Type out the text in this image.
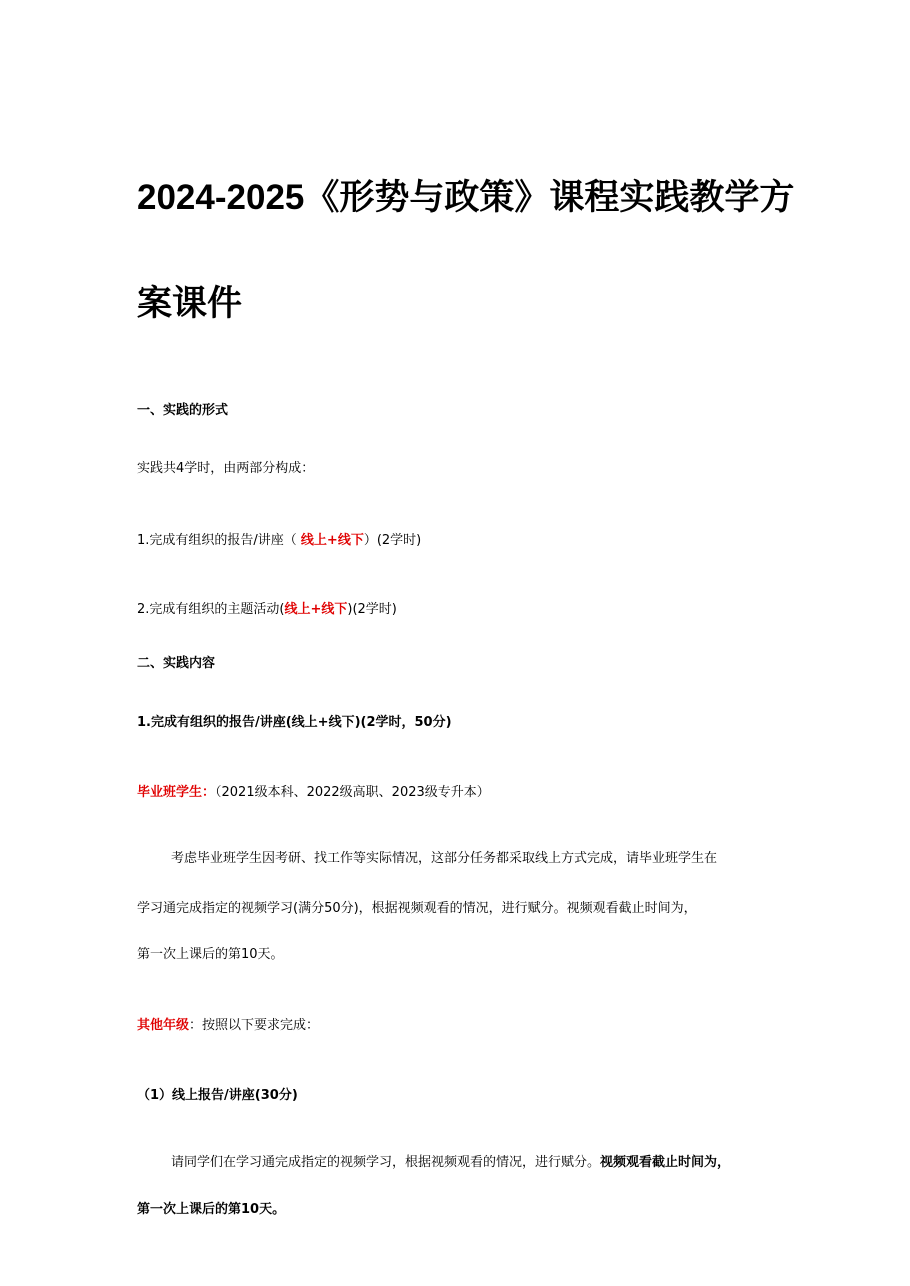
2024-2025《形势与政策》课程实践教学方
案课件
一、实践的形式
实践共4学时，由两部分构成：
1.完成有组织的报告/讲座（ 线上+线下）(2学时)
2.完成有组织的主题活动(线上+线下)(2学时)
二、实践内容
1.完成有组织的报告/讲座(线上+线下)(2学时，50分)
毕业班学生：（2021级本科、2022级高职、2023级专升本）
考虑毕业班学生因考研、找工作等实际情况，这部分任务都采取线上方式完成，请毕业班学生在
学习通完成指定的视频学习(满分50分)，根据视频观看的情况，进行赋分。视频观看截止时间为，
第一次上课后的第10天。
其他年级：按照以下要求完成：
（1）线上报告/讲座(30分)
请同学们在学习通完成指定的视频学习，根据视频观看的情况，进行赋分。视频观看截止时间为，
第一次上课后的第10天。
